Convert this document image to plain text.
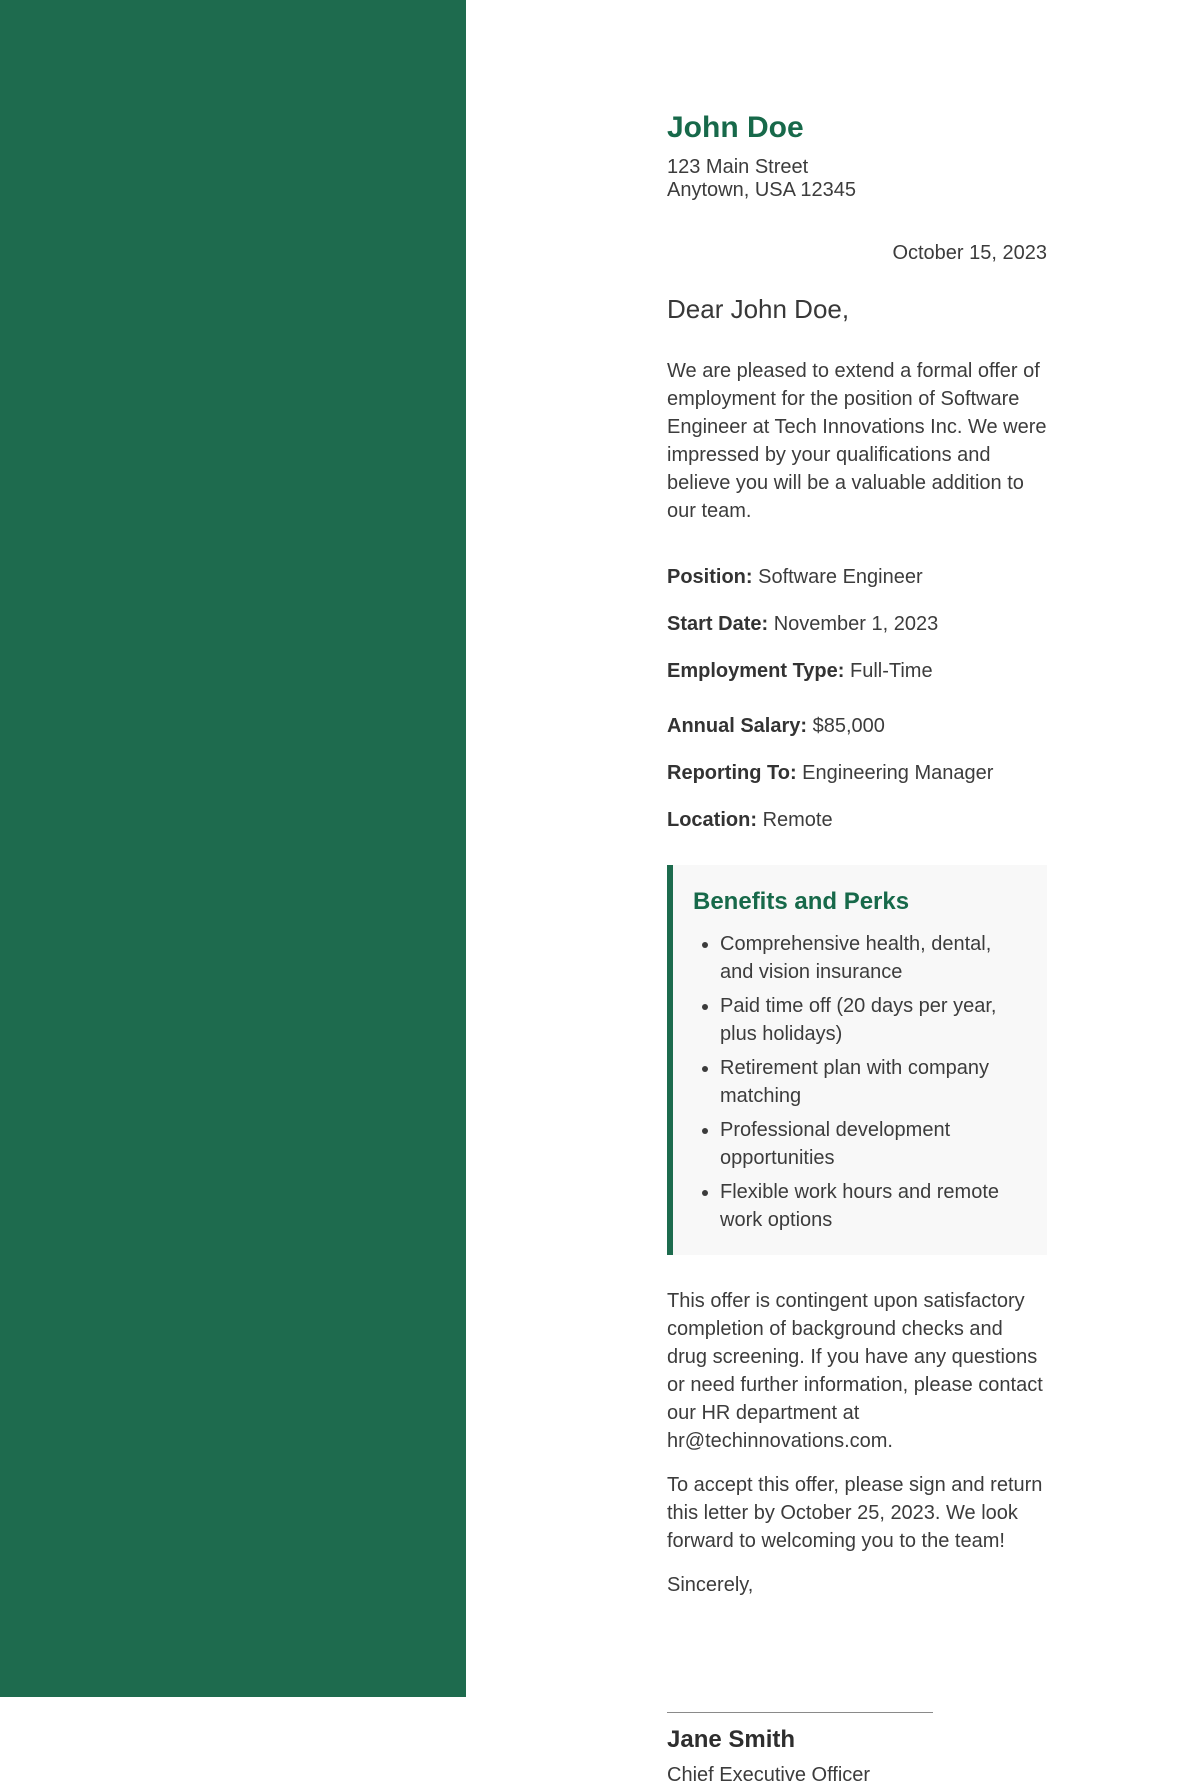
John Doe
123 Main Street
Anytown, USA 12345
October 15, 2023
Dear John Doe,

We are pleased to extend a formal offer of employment for the position of Software Engineer at Tech Innovations Inc. We were impressed by your qualifications and believe you will be a valuable addition to our team.

Position: Software Engineer

Start Date: November 1, 2023

Employment Type: Full-Time

Annual Salary: $85,000

Reporting To: Engineering Manager

Location: Remote

Benefits and Perks
• Comprehensive health, dental, and vision insurance
• Paid time off (20 days per year, plus holidays)
• Retirement plan with company matching
• Professional development opportunities
• Flexible work hours and remote work options

This offer is contingent upon satisfactory completion of background checks and drug screening. If you have any questions or need further information, please contact our HR department at hr@techinnovations.com.

To accept this offer, please sign and return this letter by October 25, 2023. We look forward to welcoming you to the team!

Sincerely,

Jane Smith

Chief Executive Officer
